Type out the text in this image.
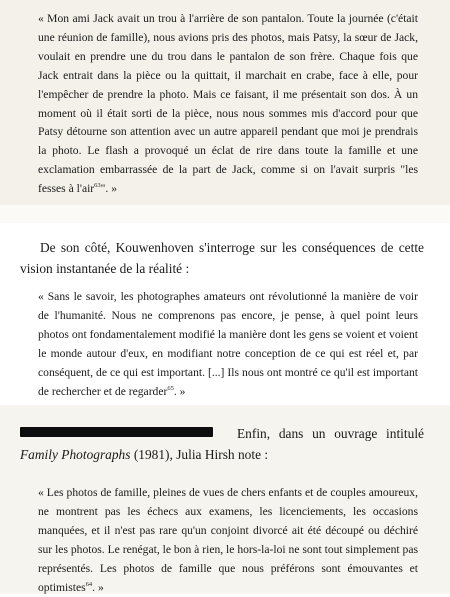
« Mon ami Jack avait un trou à l'arrière de son pantalon. Toute la journée (c'était une réunion de famille), nous avions pris des photos, mais Patsy, la sœur de Jack, voulait en prendre une du trou dans le pantalon de son frère. Chaque fois que Jack entrait dans la pièce ou la quittait, il marchait en crabe, face à elle, pour l'empêcher de prendre la photo. Mais ce faisant, il me présentait son dos. À un moment où il était sorti de la pièce, nous nous sommes mis d'accord pour que Patsy détourne son attention avec un autre appareil pendant que moi je prendrais la photo. Le flash a provoqué un éclat de rire dans toute la famille et une exclamation embarrassée de la part de Jack, comme si on l'avait surpris "les fesses à l'air$^{63}$". »
De son côté, Kouwenhoven s'interroge sur les conséquences de cette vision instantanée de la réalité :
« Sans le savoir, les photographes amateurs ont révolutionné la manière de voir de l'humanité. Nous ne comprenons pas encore, je pense, à quel point leurs photos ont fondamentalement modifié la manière dont les gens se voient et voient le monde autour d'eux, en modifiant notre conception de ce qui est réel et, par conséquent, de ce qui est important. [...] Ils nous ont montré ce qu'il est important de rechercher et de regarder$^{65}$. »
Enfin, dans un ouvrage intitulé Family Photographs (1981), Julia Hirsh note :
« Les photos de famille, pleines de vues de chers enfants et de couples amoureux, ne montrent pas les échecs aux examens, les licenciements, les occasions manquées, et il n'est pas rare qu'un conjoint divorcé ait été découpé ou déchiré sur les photos. Le renégat, le bon à rien, le hors-la-loi ne sont tout simplement pas représentés. Les photos de famille que nous préférons sont émouvantes et optimistes$^{64}$. »
